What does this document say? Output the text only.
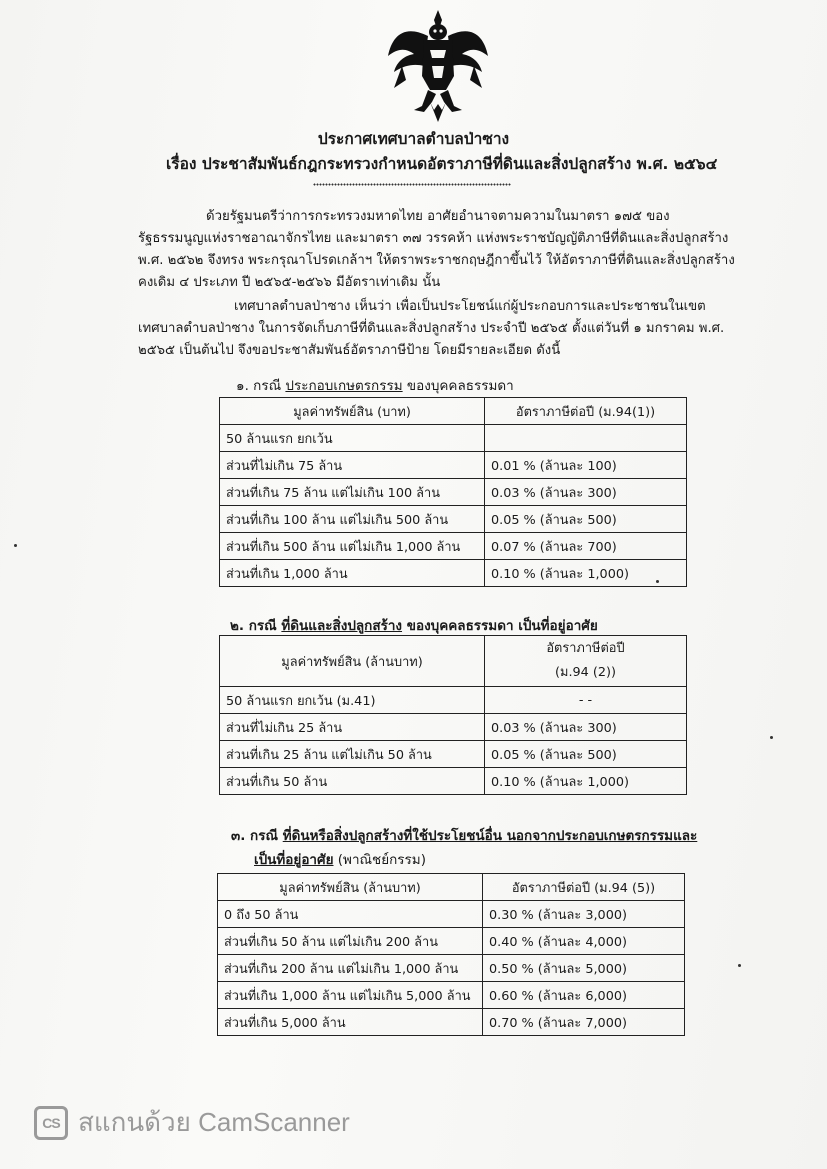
ประกาศเทศบาลตำบลป่าซาง
เรื่อง ประชาสัมพันธ์กฎกระทรวงกำหนดอัตราภาษีที่ดินและสิ่งปลูกสร้าง พ.ศ. ๒๕๖๔

ด้วยรัฐมนตรีว่าการกระทรวงมหาดไทย อาศัยอำนาจตามความในมาตรา ๑๗๕ ของ

รัฐธรรมนูญแห่งราชอาณาจักรไทย และมาตรา ๓๗ วรรคห้า แห่งพระราชบัญญัติภาษีที่ดินและสิ่งปลูกสร้าง

พ.ศ. ๒๕๖๒ จึงทรง พระกรุณาโปรดเกล้าฯ ให้ตราพระราชกฤษฎีกาขึ้นไว้ ให้อัตราภาษีที่ดินและสิ่งปลูกสร้าง

คงเดิม ๔ ประเภท ปี ๒๕๖๕-๒๕๖๖ มีอัตราเท่าเดิม นั้น

เทศบาลตำบลป่าซาง เห็นว่า เพื่อเป็นประโยชน์แก่ผู้ประกอบการและประชาชนในเขต

เทศบาลตำบลป่าซาง ในการจัดเก็บภาษีที่ดินและสิ่งปลูกสร้าง ประจำปี ๒๕๖๕ ตั้งแต่วันที่ ๑ มกราคม พ.ศ.

๒๕๖๕ เป็นต้นไป จึงขอประชาสัมพันธ์อัตราภาษีป้าย โดยมีรายละเอียด ดังนี้

๑. กรณี ประกอบเกษตรกรรม ของบุคคลธรรมดา
มูลค่าทรัพย์สิน (บาท)	อัตราภาษีต่อปี (ม.94(1))
50 ล้านแรก ยกเว้น	
ส่วนที่ไม่เกิน 75 ล้าน	0.01 % (ล้านละ 100)
ส่วนที่เกิน 75 ล้าน แต่ไม่เกิน 100 ล้าน	0.03 % (ล้านละ 300)
ส่วนที่เกิน 100 ล้าน แต่ไม่เกิน 500 ล้าน	0.05 % (ล้านละ 500)
ส่วนที่เกิน 500 ล้าน แต่ไม่เกิน 1,000 ล้าน	0.07 % (ล้านละ 700)
ส่วนที่เกิน 1,000 ล้าน	0.10 % (ล้านละ 1,000)
๒. กรณี ที่ดินและสิ่งปลูกสร้าง ของบุคคลธรรมดา เป็นที่อยู่อาศัย
มูลค่าทรัพย์สิน (ล้านบาท)	อัตราภาษีต่อปี
(ม.94 (2))

50 ล้านแรก ยกเว้น (ม.41)	- -
ส่วนที่ไม่เกิน 25 ล้าน	0.03 % (ล้านละ 300)
ส่วนที่เกิน 25 ล้าน แต่ไม่เกิน 50 ล้าน	0.05 % (ล้านละ 500)
ส่วนที่เกิน 50 ล้าน	0.10 % (ล้านละ 1,000)
๓. กรณี ที่ดินหรือสิ่งปลูกสร้างที่ใช้ประโยชน์อื่น นอกจากประกอบเกษตรกรรมและ
เป็นที่อยู่อาศัย (พาณิชย์กรรม)
มูลค่าทรัพย์สิน (ล้านบาท)	อัตราภาษีต่อปี (ม.94 (5))
0 ถึง 50 ล้าน	0.30 % (ล้านละ 3,000)
ส่วนที่เกิน 50 ล้าน แต่ไม่เกิน 200 ล้าน	0.40 % (ล้านละ 4,000)
ส่วนที่เกิน 200 ล้าน แต่ไม่เกิน 1,000 ล้าน	0.50 % (ล้านละ 5,000)
ส่วนที่เกิน 1,000 ล้าน แต่ไม่เกิน 5,000 ล้าน	0.60 % (ล้านละ 6,000)
ส่วนที่เกิน 5,000 ล้าน	0.70 % (ล้านละ 7,000)
CS สแกนด้วย CamScanner
